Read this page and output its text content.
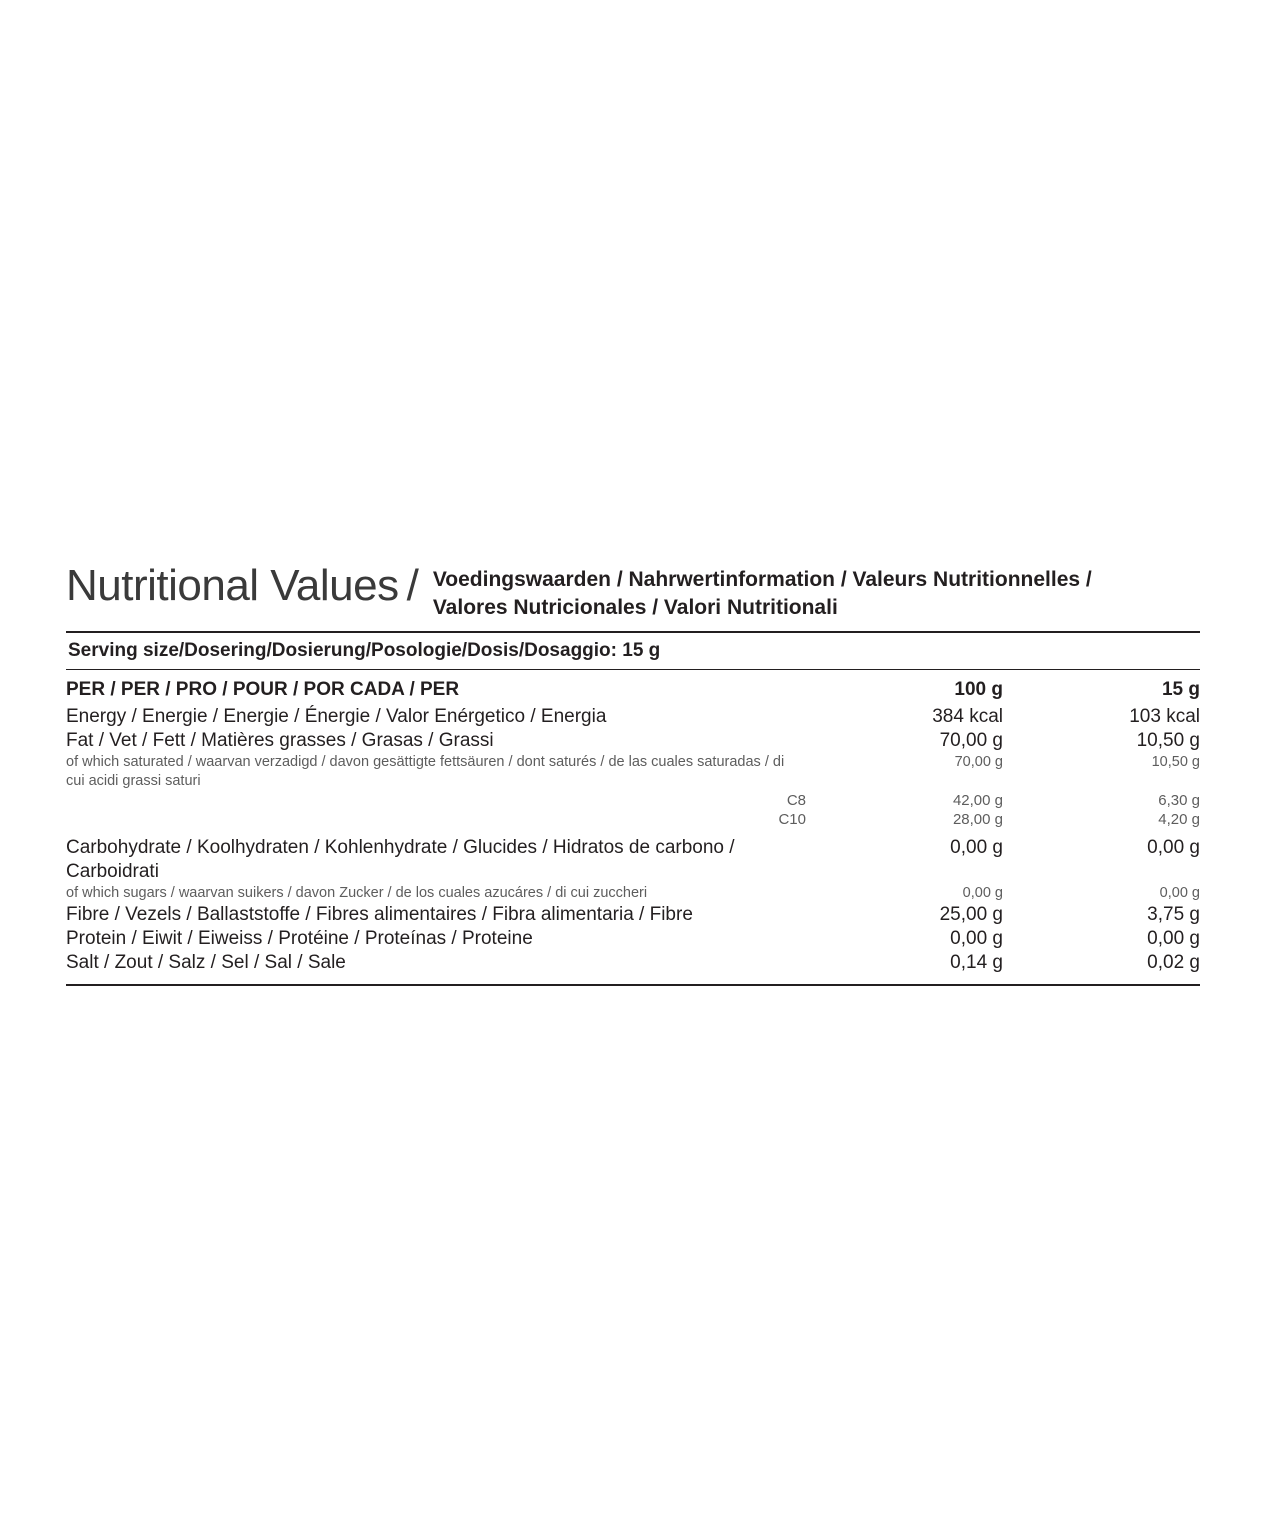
Nutritional Values / Voedingswaarden / Nahrwertinformation / Valeurs Nutritionnelles / Valores Nutricionales / Valori Nutritionali
Serving size/Dosering/Dosierung/Posologie/Dosis/Dosaggio: 15 g
PER / PER / PRO / POUR / POR CADA / PER	100 g	15 g
Energy / Energie / Energie / Énergie / Valor Enérgetico / Energia	384 kcal	103 kcal
Fat / Vet / Fett / Matières grasses / Grasas / Grassi	70,00 g	10,50 g
of which saturated / waarvan verzadigd / davon gesättigte fettsäuren / dont saturés / de las cuales saturadas / di cui acidi grassi saturi	70,00 g	10,50 g
C8	42,00 g	6,30 g
C10	28,00 g	4,20 g

Carbohydrate / Koolhydraten / Kohlenhydrate / Glucides / Hidratos de carbono / Carboidrati	0,00 g	0,00 g
of which sugars / waarvan suikers / davon Zucker / de los cuales azucáres / di cui zuccheri	0,00 g	0,00 g
Fibre / Vezels / Ballaststoffe / Fibres alimentaires / Fibra alimentaria / Fibre	25,00 g	3,75 g
Protein / Eiwit / Eiweiss / Protéine / Proteínas / Proteine	0,00 g	0,00 g
Salt / Zout / Salz / Sel / Sal / Sale	0,14 g	0,02 g
